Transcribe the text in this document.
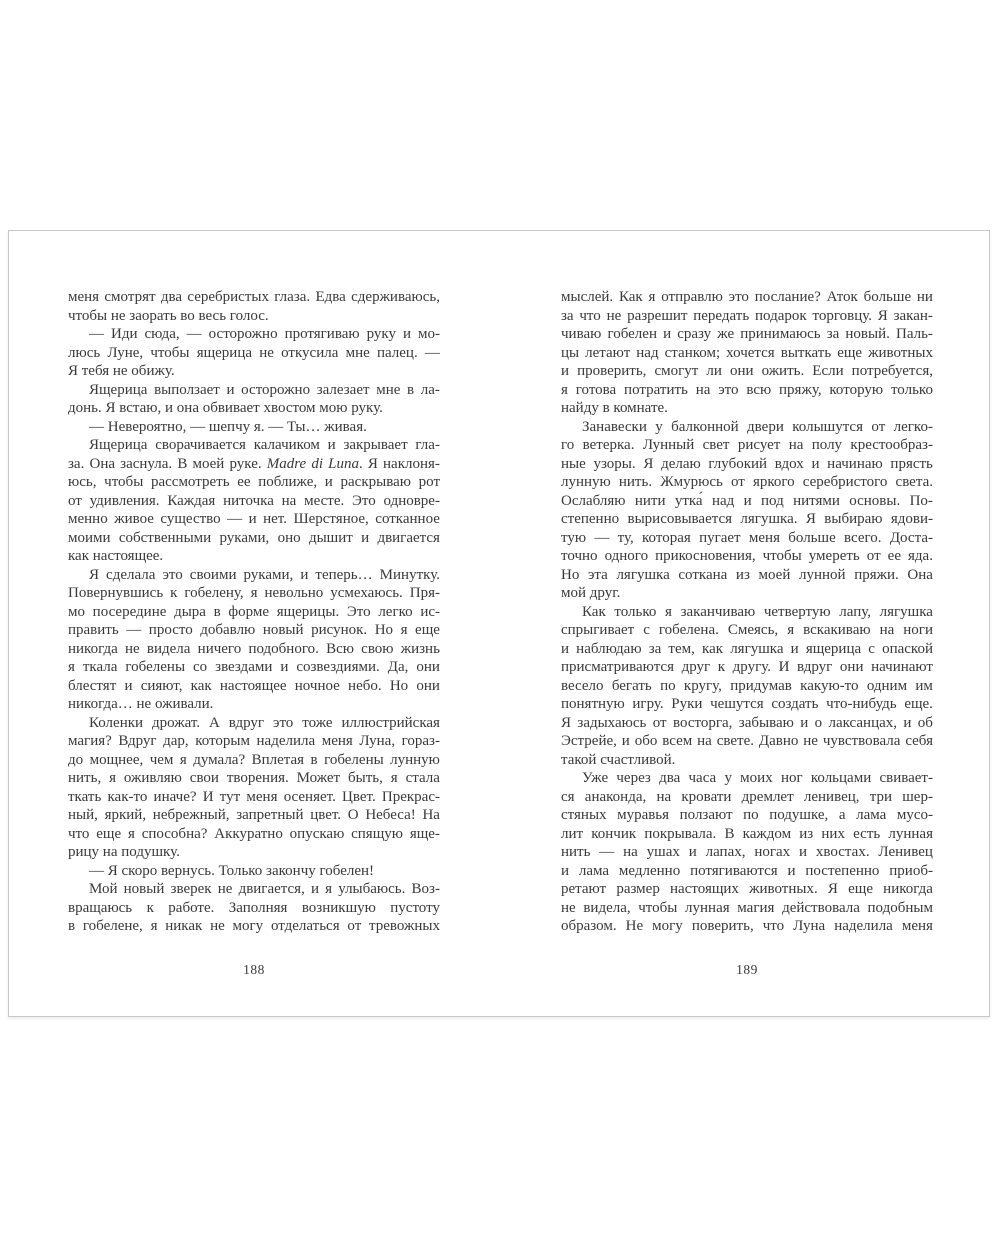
меня смотрят два серебристых глаза. Едва сдерживаюсь,
чтобы не заорать во весь голос.
— Иди сюда, — осторожно протягиваю руку и мо-
люсь Луне, чтобы ящерица не откусила мне палец. —
Я тебя не обижу.
Ящерица выползает и осторожно залезает мне в ла-
донь. Я встаю, и она обвивает хвостом мою руку.
— Невероятно, — шепчу я. — Ты… живая.
Ящерица сворачивается калачиком и закрывает гла-
за. Она заснула. В моей руке. Madre di Luna. Я наклоня-
юсь, чтобы рассмотреть ее поближе, и раскрываю рот
от удивления. Каждая ниточка на месте. Это одновре-
менно живое существо — и нет. Шерстяное, сотканное
моими собственными руками, оно дышит и двигается
как настоящее.
Я сделала это своими руками, и теперь… Минутку.
Повернувшись к гобелену, я невольно усмехаюсь. Пря-
мо посередине дыра в форме ящерицы. Это легко ис-
править — просто добавлю новый рисунок. Но я еще
никогда не видела ничего подобного. Всю свою жизнь
я ткала гобелены со звездами и созвездиями. Да, они
блестят и сияют, как настоящее ночное небо. Но они
никогда… не оживали.
Коленки дрожат. А вдруг это тоже иллюстрийская
магия? Вдруг дар, которым наделила меня Луна, гораз-
до мощнее, чем я думала? Вплетая в гобелены лунную
нить, я оживляю свои творения. Может быть, я стала
ткать как-то иначе? И тут меня осеняет. Цвет. Прекрас-
ный, яркий, небрежный, запретный цвет. О Небеса! На
что еще я способна? Аккуратно опускаю спящую яще-
рицу на подушку.
— Я скоро вернусь. Только закончу гобелен!
Мой новый зверек не двигается, и я улыбаюсь. Воз-
вращаюсь к работе. Заполняя возникшую пустоту
в гобелене, я никак не могу отделаться от тревожных
мыслей. Как я отправлю это послание? Аток больше ни
за что не разрешит передать подарок торговцу. Я закан-
чиваю гобелен и сразу же принимаюсь за новый. Паль-
цы летают над станком; хочется выткать еще животных
и проверить, смогут ли они ожить. Если потребуется,
я готова потратить на это всю пряжу, которую только
найду в комнате.
Занавески у балконной двери колышутся от легко-
го ветерка. Лунный свет рисует на полу крестообраз-
ные узоры. Я делаю глубокий вдох и начинаю прясть
лунную нить. Жмурюсь от яркого серебристого света.
Ослабляю нити утка́ над и под нитями основы. По-
степенно вырисовывается лягушка. Я выбираю ядови-
тую — ту, которая пугает меня больше всего. Доста-
точно одного прикосновения, чтобы умереть от ее яда.
Но эта лягушка соткана из моей лунной пряжи. Она
мой друг.
Как только я заканчиваю четвертую лапу, лягушка
спрыгивает с гобелена. Смеясь, я вскакиваю на ноги
и наблюдаю за тем, как лягушка и ящерица с опаской
присматриваются друг к другу. И вдруг они начинают
весело бегать по кругу, придумав какую-то одним им
понятную игру. Руки чешутся создать что-нибудь еще.
Я задыхаюсь от восторга, забываю и о лаксанцах, и об
Эстрейе, и обо всем на свете. Давно не чувствовала себя
такой счастливой.
Уже через два часа у моих ног кольцами свивает-
ся анаконда, на кровати дремлет ленивец, три шер-
стяных муравья ползают по подушке, а лама мусо-
лит кончик покрывала. В каждом из них есть лунная
нить — на ушах и лапах, ногах и хвостах. Ленивец
и лама медленно потягиваются и постепенно приоб-
ретают размер настоящих животных. Я еще никогда
не видела, чтобы лунная магия действовала подобным
образом. Не могу поверить, что Луна наделила меня
188	189
